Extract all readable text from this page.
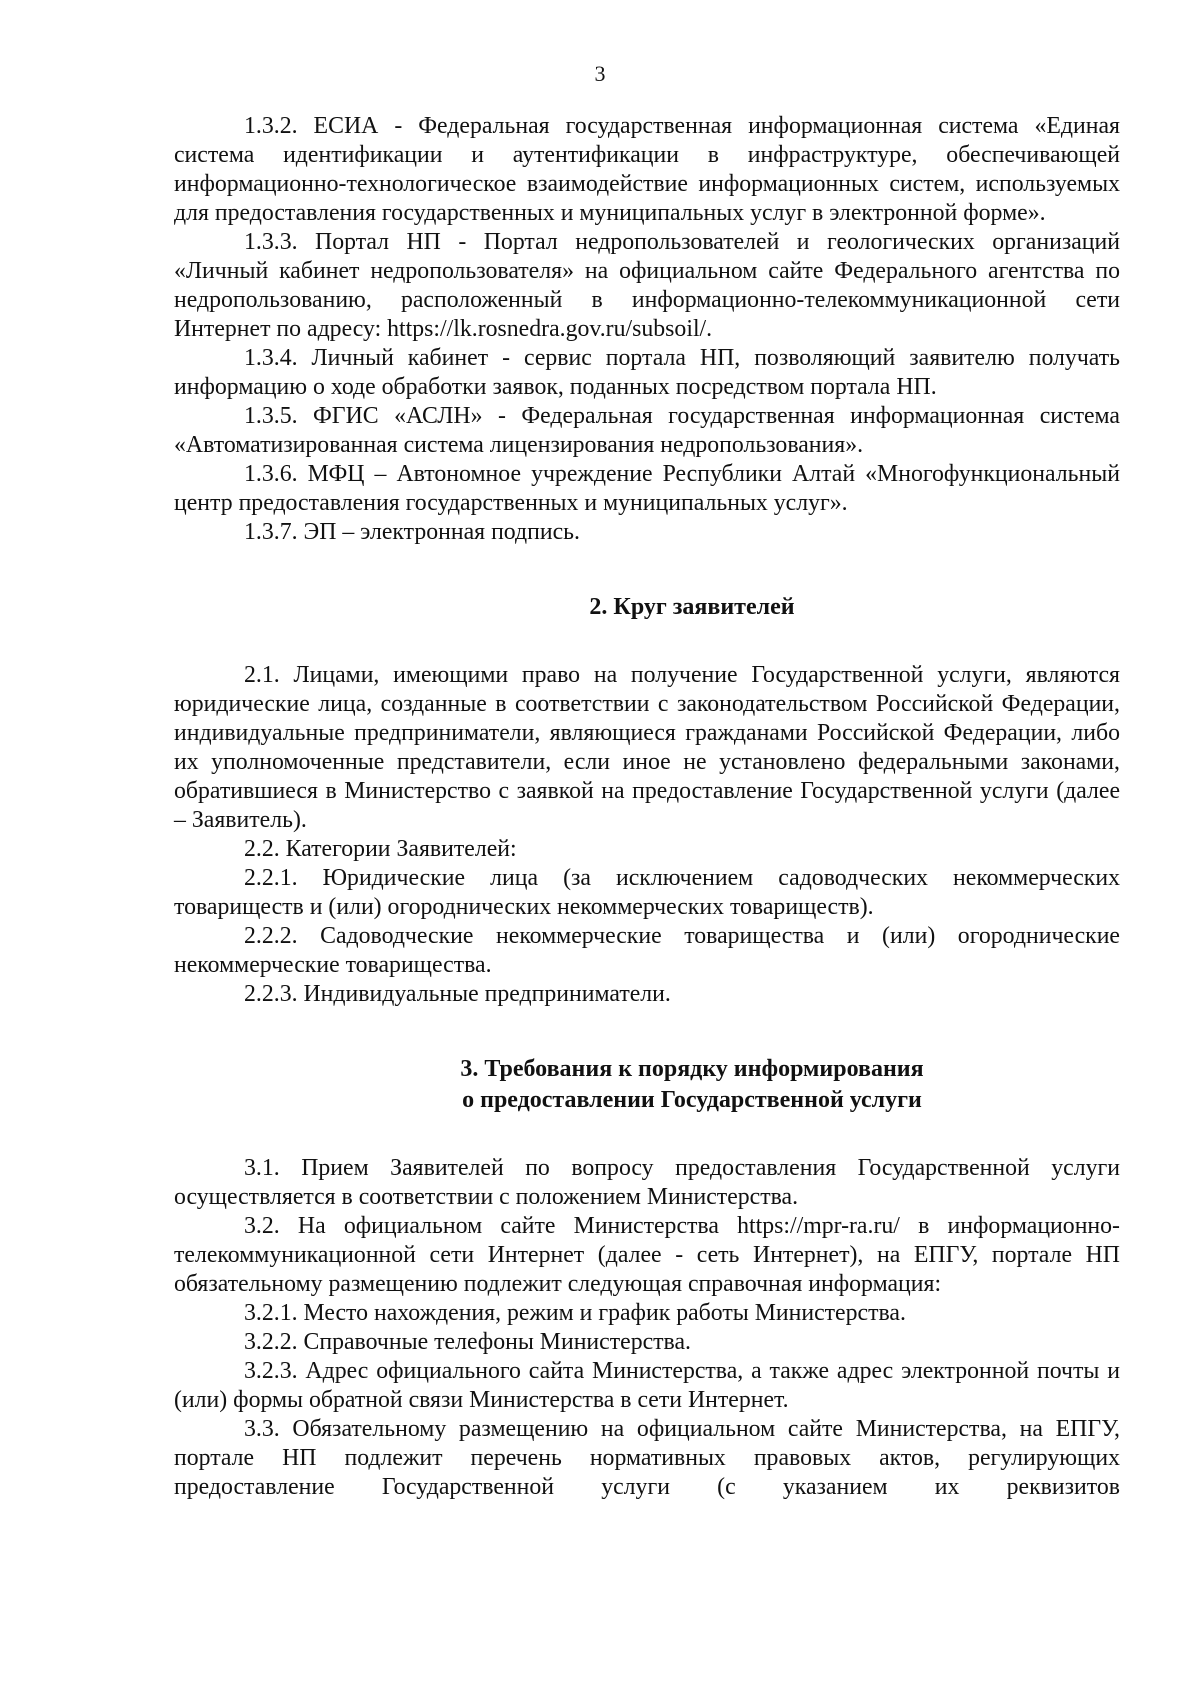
3

1.3.2. ЕСИА - Федеральная государственная информационная система «Единая система идентификации и аутентификации в инфраструктуре, обеспечивающей информационно-технологическое взаимодействие информационных систем, используемых для предоставления государственных и муниципальных услуг в электронной форме».

1.3.3. Портал НП - Портал недропользователей и геологических организаций «Личный кабинет недропользователя» на официальном сайте Федерального агентства по недропользованию, расположенный в информационно-телекоммуникационной сети Интернет по адресу: https://lk.rosnedra.gov.ru/subsoil/.

1.3.4. Личный кабинет - сервис портала НП, позволяющий заявителю получать информацию о ходе обработки заявок, поданных посредством портала НП.

1.3.5. ФГИС «АСЛН» - Федеральная государственная информационная система «Автоматизированная система лицензирования недропользования».

1.3.6. МФЦ – Автономное учреждение Республики Алтай «Многофункциональный центр предоставления государственных и муниципальных услуг».

1.3.7. ЭП – электронная подпись.

2. Круг заявителей

2.1. Лицами, имеющими право на получение Государственной услуги, являются юридические лица, созданные в соответствии с законодательством Российской Федерации, индивидуальные предприниматели, являющиеся гражданами Российской Федерации, либо их уполномоченные представители, если иное не установлено федеральными законами, обратившиеся в Министерство с заявкой на предоставление Государственной услуги (далее – Заявитель).

2.2. Категории Заявителей:

2.2.1. Юридические лица (за исключением садоводческих некоммерческих товариществ и (или) огороднических некоммерческих товариществ).

2.2.2. Садоводческие некоммерческие товарищества и (или) огороднические некоммерческие товарищества.

2.2.3. Индивидуальные предприниматели.

3. Требования к порядку информирования

о предоставлении Государственной услуги

3.1. Прием Заявителей по вопросу предоставления Государственной услуги осуществляется в соответствии с положением Министерства.

3.2. На официальном сайте Министерства https://mpr-ra.ru/ в информационно-телекоммуникационной сети Интернет (далее - сеть Интернет), на ЕПГУ, портале НП обязательному размещению подлежит следующая справочная информация:

3.2.1. Место нахождения, режим и график работы Министерства.

3.2.2. Справочные телефоны Министерства.

3.2.3. Адрес официального сайта Министерства, а также адрес электронной почты и (или) формы обратной связи Министерства в сети Интернет.

3.3. Обязательному размещению на официальном сайте Министерства, на ЕПГУ, портале НП подлежит перечень нормативных правовых актов, регулирующих предоставление Государственной услуги (с указанием их реквизитов
